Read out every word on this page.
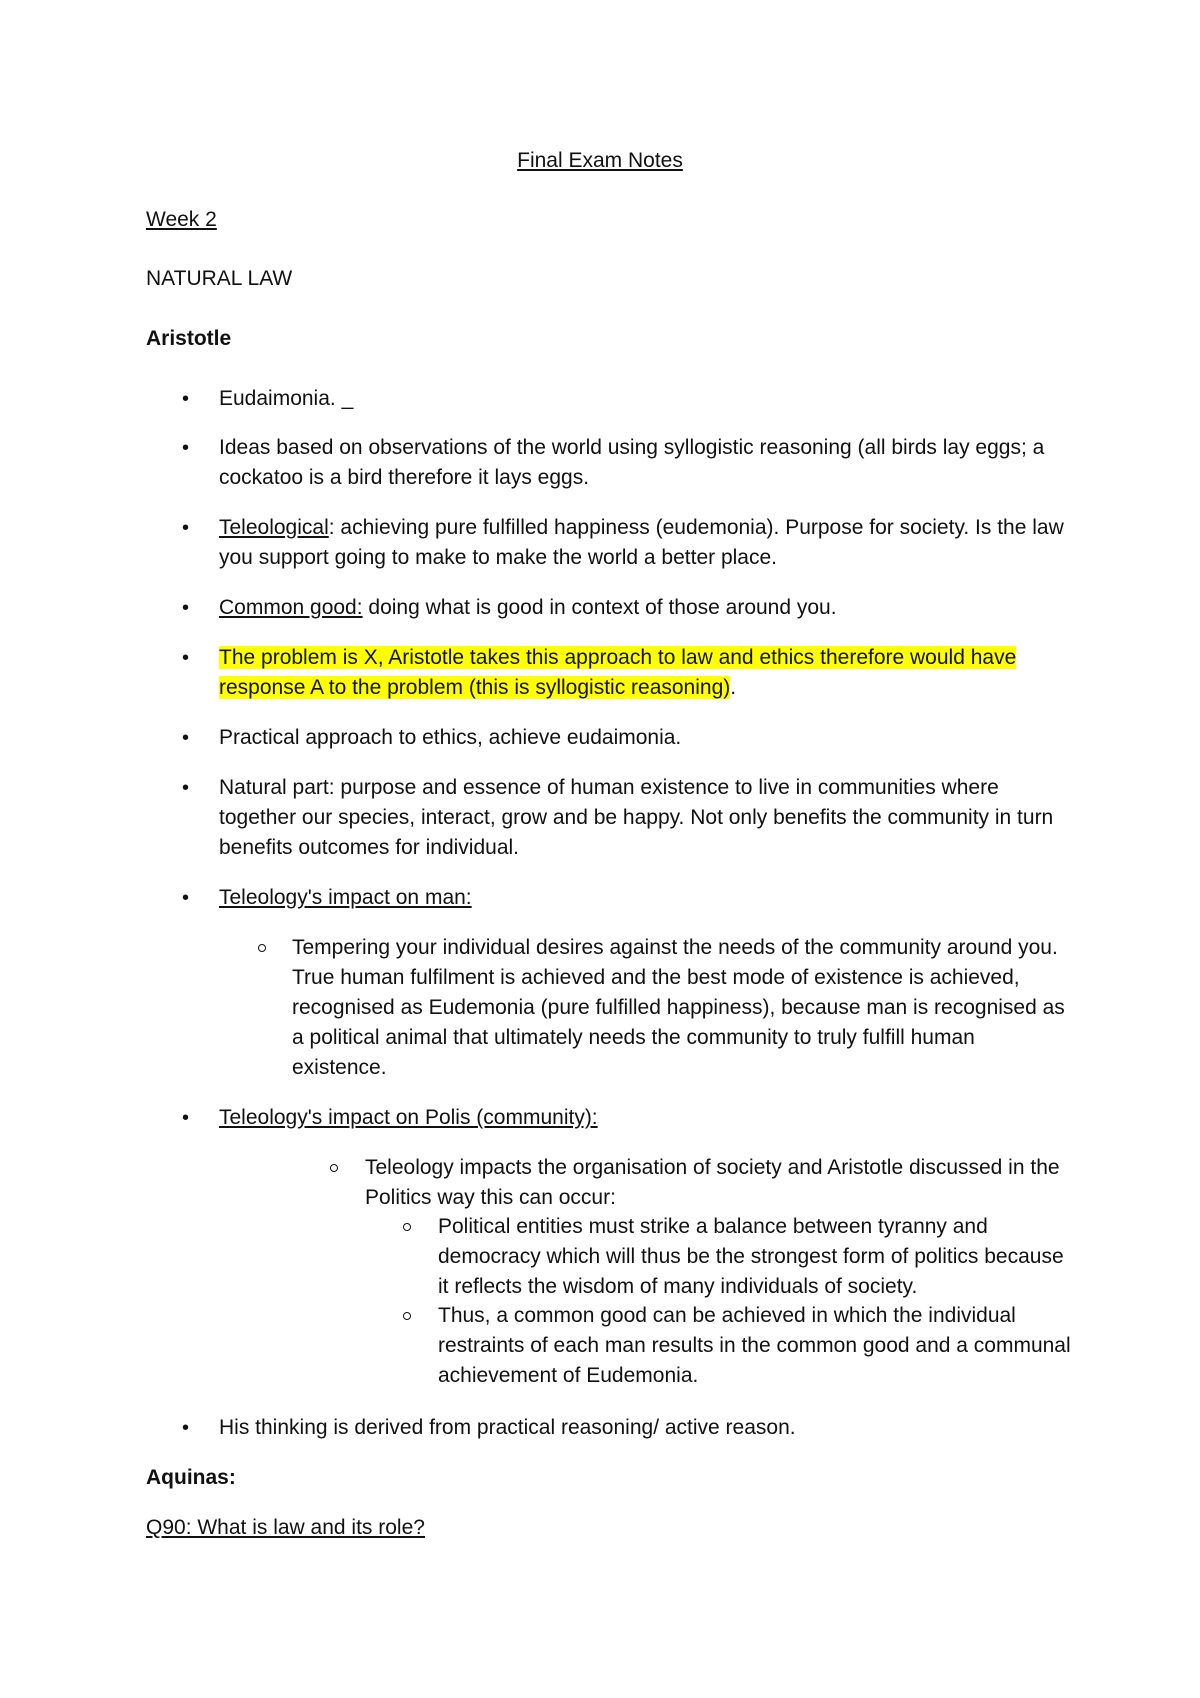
Final Exam Notes
Week 2
NATURAL LAW
Aristotle
• Eudaimonia. _
• Ideas based on observations of the world using syllogistic reasoning (all birds lay eggs; a cockatoo is a bird therefore it lays eggs.
• Teleological: achieving pure fulfilled happiness (eudemonia). Purpose for society. Is the law you support going to make to make the world a better place.
• Common good: doing what is good in context of those around you.
• The problem is X, Aristotle takes this approach to law and ethics therefore would have response A to the problem (this is syllogistic reasoning).
• Practical approach to ethics, achieve eudaimonia.
• Natural part: purpose and essence of human existence to live in communities where together our species, interact, grow and be happy. Not only benefits the community in turn benefits outcomes for individual.
• Teleology's impact on man:
Tempering your individual desires against the needs of the community around you. True human fulfilment is achieved and the best mode of existence is achieved, recognised as Eudemonia (pure fulfilled happiness), because man is recognised as a political animal that ultimately needs the community to truly fulfill human existence.
• Teleology's impact on Polis (community):
Teleology impacts the organisation of society and Aristotle discussed in the Politics way this can occur:
Political entities must strike a balance between tyranny and democracy which will thus be the strongest form of politics because it reflects the wisdom of many individuals of society.
Thus, a common good can be achieved in which the individual restraints of each man results in the common good and a communal achievement of Eudemonia.
• His thinking is derived from practical reasoning/ active reason.
Aquinas:
Q90: What is law and its role?
